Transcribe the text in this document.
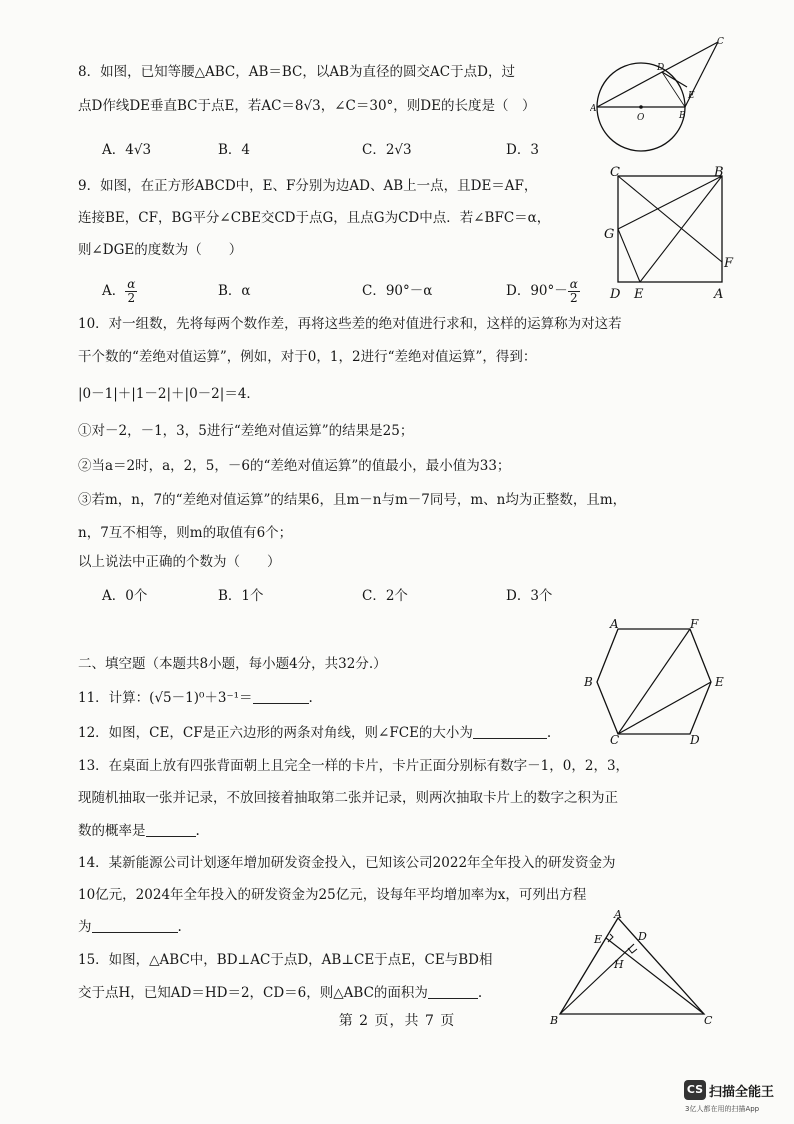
8．如图，已知等腰△ABC，AB＝BC，以AB为直径的圆交AC于点D，过
点D作线DE垂直BC于点E，若AC＝8√3，∠C＝30°，则DE的长度是（　）
A．4√3	B．4	C．2√3	D．3
A
B
C
D
E
O
9．如图，在正方形ABCD中，E、F分别为边AD、AB上一点，且DE＝AF，
连接BE，CF，BG平分∠CBE交CD于点G，且点G为CD中点．若∠BFC＝α，
则∠DGE的度数为（　　）
A． $\frac{\alpha}{2}$	B．α	C．90°－α	D．$90^\circ- \frac{\alpha}{2}$
C	B
G
F
D E	A
10．对一组数，先将每两个数作差，再将这些差的绝对值进行求和，这样的运算称为对这若
干个数的“差绝对值运算”，例如，对于0，1，2进行“差绝对值运算”，得到：
|0－1|＋|1－2|＋|0－2|＝4．
①对－2，－1，3，5进行“差绝对值运算”的结果是25；
②当a＝2时，a，2，5，－6的“差绝对值运算”的值最小，最小值为33；
③若m，n，7的“差绝对值运算”的结果6，且m－n与m－7同号，m、n均为正整数，且m，
n，7互不相等，则m的取值有6个；
以上说法中正确的个数为（　　）
A．0个	B．1个	C．2个	D．3个
二、填空题（本题共8小题，每小题4分，共32分.）
11．计算：(√5－1)⁰＋3⁻¹＝	.
A	F
B	E
C	D
12．如图，CE，CF是正六边形的两条对角线，则∠FCE的大小为	.
13．在桌面上放有四张背面朝上且完全一样的卡片，卡片正面分别标有数字－1，0，2，3，
现随机抽取一张并记录，不放回接着抽取第二张并记录，则两次抽取卡片上的数字之积为正
数的概率是	.
14．某新能源公司计划逐年增加研发资金投入，已知该公司2022年全年投入的研发资金为
10亿元，2024年全年投入的研发资金为25亿元，设每年平均增加率为x，可列出方程
为	.
15．如图，△ABC中，BD⊥AC于点D，AB⊥CE于点E，CE与BD相
交于点H，已知AD＝HD＝2，CD＝6，则△ABC的面积为	.
A
E	D
H
B	C
第 2 页，共 7 页
CS 扫描全能王
3亿人都在用的扫描App
